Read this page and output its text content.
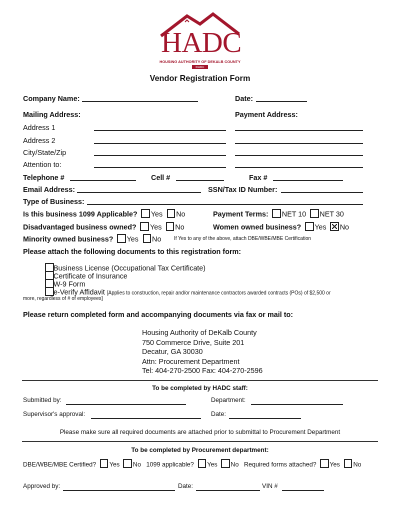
HADC
HOUSING AUTHORITY OF DEKALB COUNTY
DHDC
Vendor Registration Form
Company Name:	Date:
Mailing Address:	Payment Address:
Address 1
Address 2
City/State/Zip
Attention to:
Telephone #	Cell #	Fax #
Email Address:	SSN/Tax ID Number:
Type of Business:
Is this business 1099 Applicable? Yes No	Payment Terms: NET 10 NET 30
Disadvantaged business owned? Yes No	Women owned business? Yes No
Minority owned business? Yes No	If Yes to any of the above, attach DBE/WBE/MBE Certification
Please attach the following documents to this registration form:
Business License (Occupational Tax Certificate)
Certificate of Insurance
W-9 Form
e-Verify Affidavit [Applies to construction, repair and/or maintenance contractors awarded contracts (POs) of $2,500 or
more, regardless of # of employees]
Please return completed form and accompanying documents via fax or mail to:
Housing Authority of DeKalb County
750 Commerce Drive, Suite 201
Decatur, GA 30030
Attn: Procurement Department
Tel: 404-270-2500 Fax: 404-270-2596
To be completed by HADC staff:
Submitted by:	Department:
Supervisor's approval:	Date:
Please make sure all required documents are attached prior to submittal to Procurement Department
To be completed by Procurement department:
DBE/WBE/MBE Certified? Yes No 1099 applicable? Yes No Required forms attached? Yes No
Approved by:	Date:	VIN #
